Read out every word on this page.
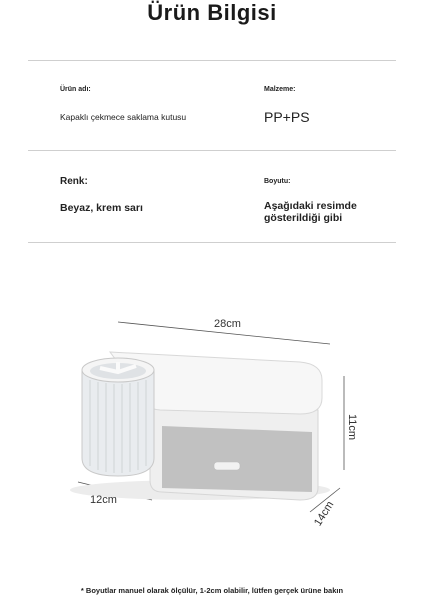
Ürün Bilgisi
Ürün adı:
Kapaklı çekmece saklama kutusu
Malzeme:
PP+PS
Renk:	Boyutu:
Beyaz, krem sarı	Aşağıdaki resimde
gösterildiği gibi
28cm
11cm
12cm	14cm
* Boyutlar manuel olarak ölçülür, 1-2cm olabilir, lütfen gerçek ürüne bakın
